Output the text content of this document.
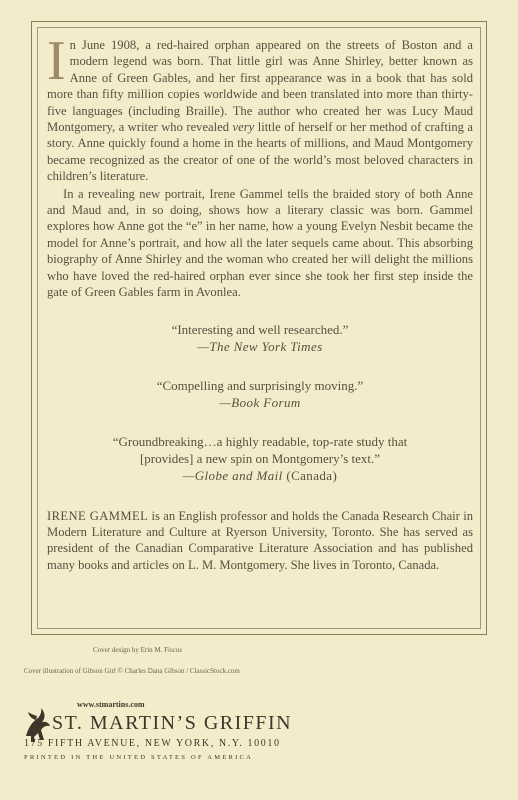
In June 1908, a red-haired orphan appeared on the streets of Boston and a modern legend was born. That little girl was Anne Shirley, better known as Anne of Green Gables, and her first appearance was in a book that has sold more than fifty million copies worldwide and been translated into more than thirty-five languages (including Braille). The author who created her was Lucy Maud Montgomery, a writer who revealed very little of herself or her method of crafting a story. Anne quickly found a home in the hearts of millions, and Maud Montgomery became recognized as the creator of one of the world’s most beloved characters in children’s literature.

In a revealing new portrait, Irene Gammel tells the braided story of both Anne and Maud and, in so doing, shows how a literary classic was born. Gammel explores how Anne got the “e” in her name, how a young Evelyn Nesbit became the model for Anne’s portrait, and how all the later sequels came about. This absorbing biography of Anne Shirley and the woman who created her will delight the millions who have loved the red-haired orphan ever since she took her first step inside the gate of Green Gables farm in Avonlea.

“Interesting and well researched.”
—The New York Times

“Compelling and surprisingly moving.”
—Book Forum

“Groundbreaking…a highly readable, top-rate study that [provides] a new spin on Montgomery’s text.”
—Globe and Mail (Canada)

IRENE GAMMEL is an English professor and holds the Canada Research Chair in Modern Literature and Culture at Ryerson University, Toronto. She has served as president of the Canadian Comparative Literature Association and has published many books and articles on L. M. Montgomery. She lives in Toronto, Canada.

Cover design by Erin M. Fiscus
Cover illustration of Gibson Girl © Charles Dana Gibson / ClassicStock.com
www.stmartins.com
ST. MARTIN’S GRIFFIN
175 FIFTH AVENUE, NEW YORK, N.Y. 10010
PRINTED IN THE UNITED STATES OF AMERICA
